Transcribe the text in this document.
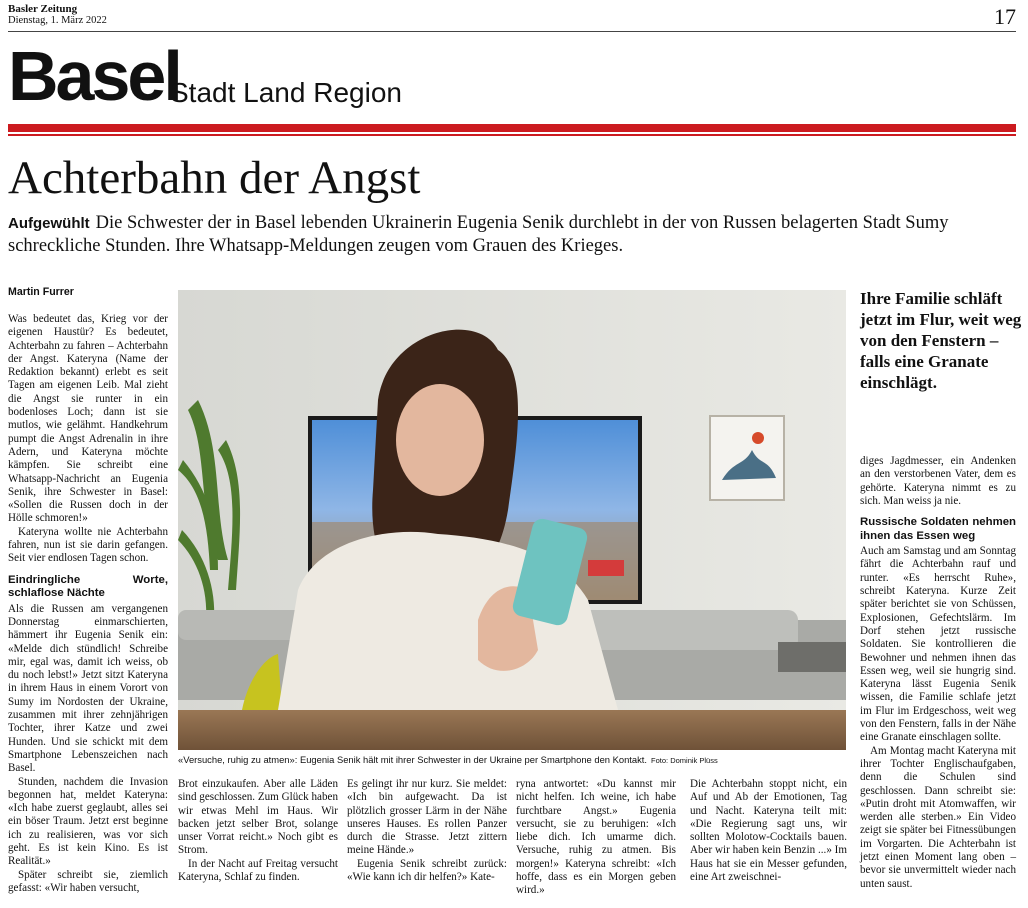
Basler Zeitung
Dienstag, 1. März 2022	17
Basel
Stadt Land Region
Achterbahn der Angst
Aufgewühlt Die Schwester der in Basel lebenden Ukrainerin Eugenia Senik durchlebt in der von Russen belagerten Stadt Sumy schreckliche Stunden. Ihre Whatsapp-Meldungen zeugen vom Grauen des Krieges.
Martin Furrer

Was bedeutet das, Krieg vor der eigenen Haustür? Es bedeutet, Achterbahn zu fahren – Achterbahn der Angst. Kateryna (Name der Redaktion bekannt) erlebt es seit Tagen am eigenen Leib. Mal zieht die Angst sie runter in ein bodenloses Loch; dann ist sie mutlos, wie gelähmt. Handkehrum pumpt die Angst Adrenalin in ihre Adern, und Kateryna möchte kämpfen. Sie schreibt eine Whatsapp-Nachricht an Eugenia Senik, ihre Schwester in Basel: «Sollen die Russen doch in der Hölle schmoren!»

Kateryna wollte nie Achterbahn fahren, nun ist sie darin gefangen. Seit vier endlosen Tagen schon.

Eindringliche Worte, schlaflose Nächte

Als die Russen am vergangenen Donnerstag einmarschierten, hämmert ihr Eugenia Senik ein: «Melde dich stündlich! Schreibe mir, egal was, damit ich weiss, ob du noch lebst!» Jetzt sitzt Kateryna in ihrem Haus in einem Vorort von Sumy im Nordosten der Ukraine, zusammen mit ihrer zehnjährigen Tochter, ihrer Katze und zwei Hunden. Und sie schickt mit dem Smartphone Lebenszeichen nach Basel.

Stunden, nachdem die Invasion begonnen hat, meldet Kateryna: «Ich habe zuerst geglaubt, alles sei ein böser Traum. Jetzt erst beginne ich zu realisieren, was vor sich geht. Es ist kein Kino. Es ist Realität.»

Später schreibt sie, ziemlich gefasst: «Wir haben versucht,

«Versuche, ruhig zu atmen»: Eugenia Senik hält mit ihrer Schwester in der Ukraine per Smartphone den Kontakt. Foto: Dominik Plüss

Brot einzukaufen. Aber alle Läden sind geschlossen. Zum Glück haben wir etwas Mehl im Haus. Wir backen jetzt selber Brot, solange unser Vorrat reicht.» Noch gibt es Strom.

In der Nacht auf Freitag versucht Kateryna, Schlaf zu finden.

Es gelingt ihr nur kurz. Sie meldet: «Ich bin aufgewacht. Da ist plötzlich grosser Lärm in der Nähe unseres Hauses. Es rollen Panzer durch die Strasse. Jetzt zittern meine Hände.»

Eugenia Senik schreibt zurück: «Wie kann ich dir helfen?» Kate-

ryna antwortet: «Du kannst mir nicht helfen. Ich weine, ich habe furchtbare Angst.» Eugenia versucht, sie zu beruhigen: «Ich liebe dich. Ich umarme dich. Versuche, ruhig zu atmen. Bis morgen!» Kateryna schreibt: «Ich hoffe, dass es ein Morgen geben wird.»

Die Achterbahn stoppt nicht, ein Auf und Ab der Emotionen, Tag und Nacht. Kateryna teilt mit: «Die Regierung sagt uns, wir sollten Molotow-Cocktails bauen. Aber wir haben kein Benzin ...» Im Haus hat sie ein Messer gefunden, eine Art zweischnei-

Ihre Familie schläft jetzt im Flur, weit weg von den Fenstern – falls eine Granate einschlägt.

diges Jagdmesser, ein Andenken an den verstorbenen Vater, dem es gehörte. Kateryna nimmt es zu sich. Man weiss ja nie.

Russische Soldaten nehmen ihnen das Essen weg

Auch am Samstag und am Sonntag fährt die Achterbahn rauf und runter. «Es herrscht Ruhe», schreibt Kateryna. Kurze Zeit später berichtet sie von Schüssen, Explosionen, Gefechtslärm. Im Dorf stehen jetzt russische Soldaten. Sie kontrollieren die Bewohner und nehmen ihnen das Essen weg, weil sie hungrig sind. Kateryna lässt Eugenia Senik wissen, die Familie schlafe jetzt im Flur im Erdgeschoss, weit weg von den Fenstern, falls in der Nähe eine Granate einschlagen sollte.

Am Montag macht Kateryna mit ihrer Tochter Englischaufgaben, denn die Schulen sind geschlossen. Dann schreibt sie: «Putin droht mit Atomwaffen, wir werden alle sterben.» Ein Video zeigt sie später bei Fitnessübungen im Vorgarten. Die Achterbahn ist jetzt einen Moment lang oben – bevor sie unvermittelt wieder nach unten saust.
